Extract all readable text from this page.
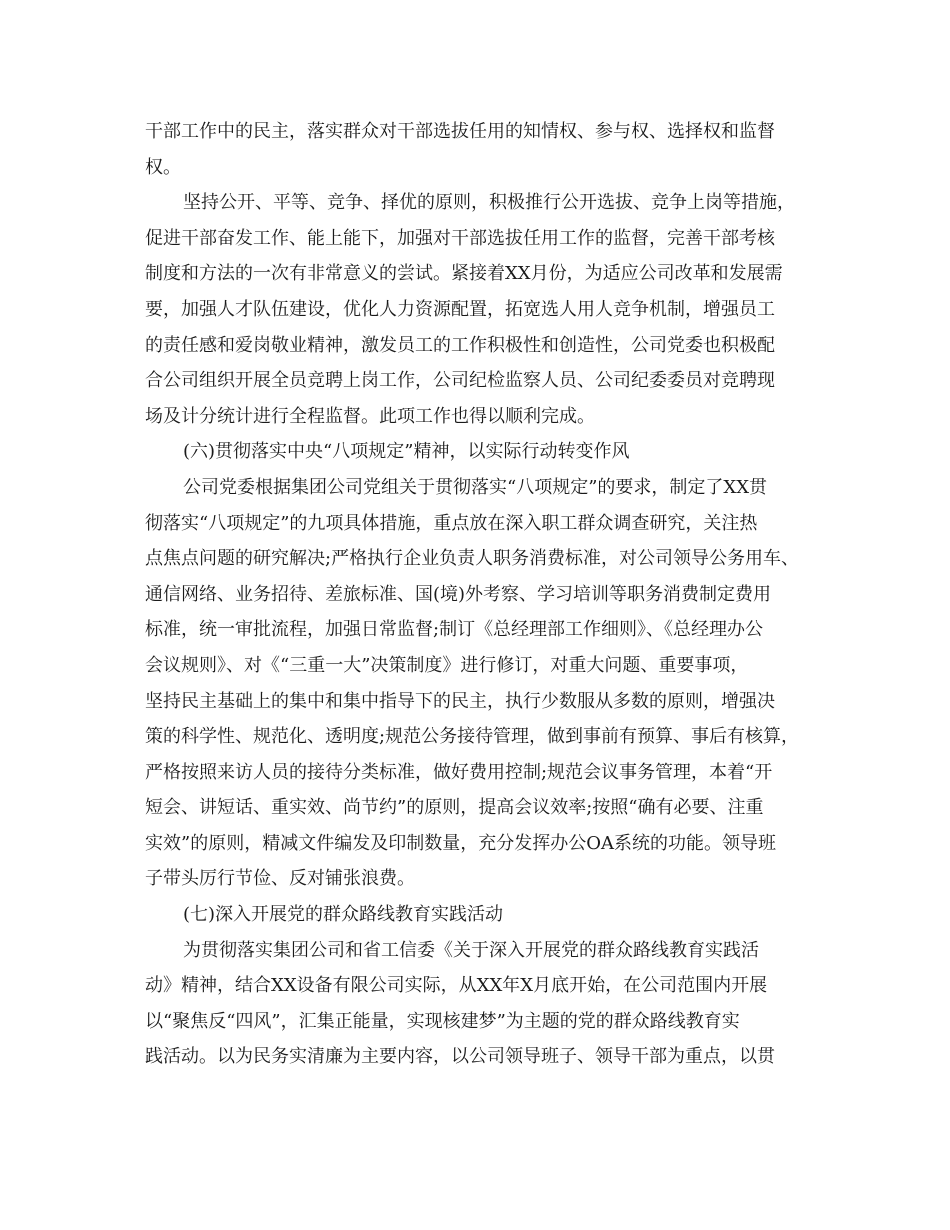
干部工作中的民主，落实群众对干部选拔任用的知情权、参与权、选择权和监督
权。
坚持公开、平等、竞争、择优的原则，积极推行公开选拔、竞争上岗等措施，
促进干部奋发工作、能上能下，加强对干部选拔任用工作的监督，完善干部考核
制度和方法的一次有非常意义的尝试。紧接着XX月份，为适应公司改革和发展需
要，加强人才队伍建设，优化人力资源配置，拓宽选人用人竞争机制，增强员工
的责任感和爱岗敬业精神，激发员工的工作积极性和创造性，公司党委也积极配
合公司组织开展全员竞聘上岗工作，公司纪检监察人员、公司纪委委员对竞聘现
场及计分统计进行全程监督。此项工作也得以顺利完成。
(六)贯彻落实中央“八项规定”精神，以实际行动转变作风
公司党委根据集团公司党组关于贯彻落实“八项规定”的要求，制定了XX贯
彻落实“八项规定”的九项具体措施，重点放在深入职工群众调查研究，关注热
点焦点问题的研究解决;严格执行企业负责人职务消费标准，对公司领导公务用车、
通信网络、业务招待、差旅标准、国(境)外考察、学习培训等职务消费制定费用
标准，统一审批流程，加强日常监督;制订《总经理部工作细则》、《总经理办公
会议规则》、对《“三重一大”决策制度》进行修订，对重大问题、重要事项，
坚持民主基础上的集中和集中指导下的民主，执行少数服从多数的原则，增强决
策的科学性、规范化、透明度;规范公务接待管理，做到事前有预算、事后有核算，
严格按照来访人员的接待分类标准，做好费用控制;规范会议事务管理，本着“开
短会、讲短话、重实效、尚节约”的原则，提高会议效率;按照“确有必要、注重
实效”的原则，精减文件编发及印制数量，充分发挥办公OA系统的功能。领导班
子带头厉行节俭、反对铺张浪费。
(七)深入开展党的群众路线教育实践活动
为贯彻落实集团公司和省工信委《关于深入开展党的群众路线教育实践活
动》精神，结合XX设备有限公司实际，从XX年X月底开始，在公司范围内开展
以“聚焦反“四风”，汇集正能量，实现核建梦”为主题的党的群众路线教育实
践活动。以为民务实清廉为主要内容，以公司领导班子、领导干部为重点，以贯
